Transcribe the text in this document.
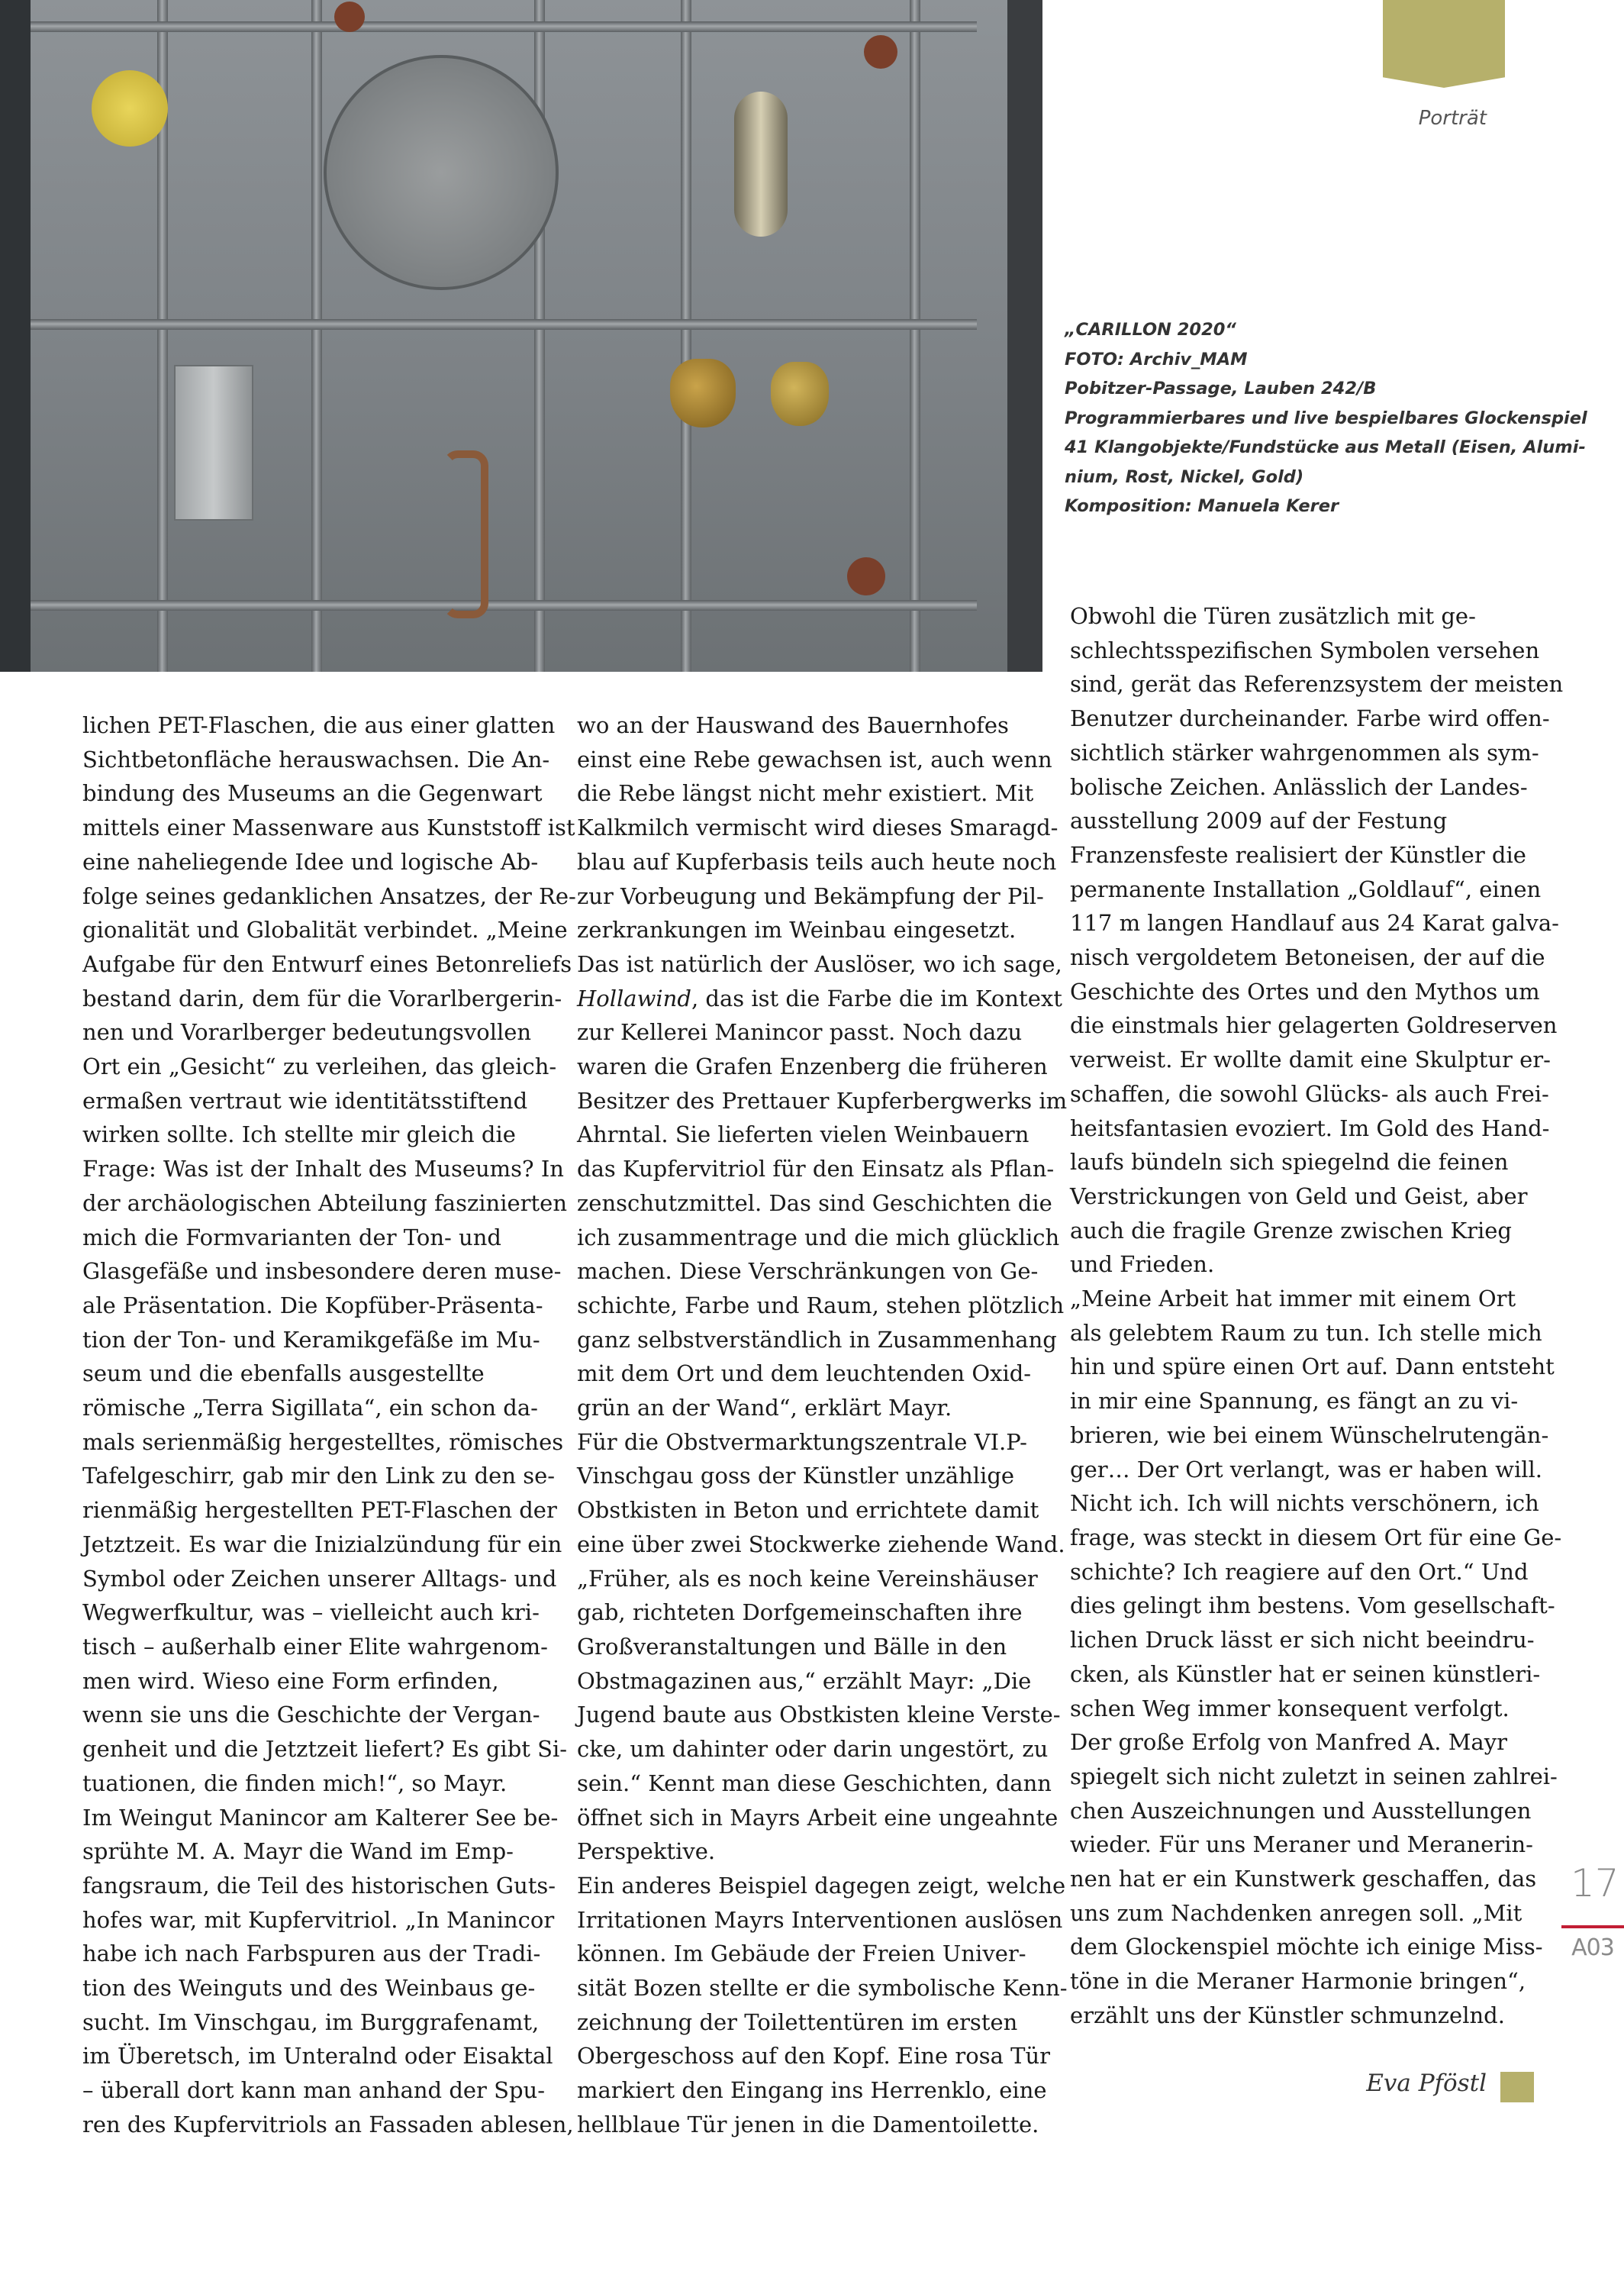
Porträt
„CARILLON 2020“
FOTO: Archiv_MAM
Pobitzer-Passage, Lauben 242/B
Programmierbares und live bespielbares Glockenspiel
41 Klangobjekte/Fundstücke aus Metall (Eisen, Alumi-
nium, Rost, Nickel, Gold)
Komposition: Manuela Kerer
lichen PET-Flaschen, die aus einer glatten
Sichtbetonfläche herauswachsen. Die An-
bindung des Museums an die Gegenwart
mittels einer Massenware aus Kunststoff ist
eine naheliegende Idee und logische Ab-
folge seines gedanklichen Ansatzes, der Re-
gionalität und Globalität verbindet. „Meine
Aufgabe für den Entwurf eines Betonreliefs
bestand darin, dem für die Vorarlbergerin-
nen und Vorarlberger bedeutungsvollen
Ort ein „Gesicht“ zu verleihen, das gleich-
ermaßen vertraut wie identitätsstiftend
wirken sollte. Ich stellte mir gleich die
Frage: Was ist der Inhalt des Museums? In
der archäologischen Abteilung faszinierten
mich die Formvarianten der Ton- und
Glasgefäße und insbesondere deren muse-
ale Präsentation. Die Kopfüber-Präsenta-
tion der Ton- und Keramikgefäße im Mu-
seum und die ebenfalls ausgestellte
römische „Terra Sigillata“, ein schon da-
mals serienmäßig hergestelltes, römisches
Tafelgeschirr, gab mir den Link zu den se-
rienmäßig hergestellten PET-Flaschen der
Jetztzeit. Es war die Inizialzündung für ein
Symbol oder Zeichen unserer Alltags- und
Wegwerfkultur, was – vielleicht auch kri-
tisch – außerhalb einer Elite wahrgenom-
men wird. Wieso eine Form erfinden,
wenn sie uns die Geschichte der Vergan-
genheit und die Jetztzeit liefert? Es gibt Si-
tuationen, die finden mich!“, so Mayr.
Im Weingut Manincor am Kalterer See be-
sprühte M. A. Mayr die Wand im Emp-
fangsraum, die Teil des historischen Guts-
hofes war, mit Kupfervitriol. „In Manincor
habe ich nach Farbspuren aus der Tradi-
tion des Weinguts und des Weinbaus ge-
sucht. Im Vinschgau, im Burggrafenamt,
im Überetsch, im Unteralnd oder Eisaktal
– überall dort kann man anhand der Spu-
ren des Kupfervitriols an Fassaden ablesen,
wo an der Hauswand des Bauernhofes
einst eine Rebe gewachsen ist, auch wenn
die Rebe längst nicht mehr existiert. Mit
Kalkmilch vermischt wird dieses Smaragd-
blau auf Kupferbasis teils auch heute noch
zur Vorbeugung und Bekämpfung der Pil-
zerkrankungen im Weinbau eingesetzt.
Das ist natürlich der Auslöser, wo ich sage,
Hollawind, das ist die Farbe die im Kontext
zur Kellerei Manincor passt. Noch dazu
waren die Grafen Enzenberg die früheren
Besitzer des Prettauer Kupferbergwerks im
Ahrntal. Sie lieferten vielen Weinbauern
das Kupfervitriol für den Einsatz als Pflan-
zenschutzmittel. Das sind Geschichten die
ich zusammentrage und die mich glücklich
machen. Diese Verschränkungen von Ge-
schichte, Farbe und Raum, stehen plötzlich
ganz selbstverständlich in Zusammenhang
mit dem Ort und dem leuchtenden Oxid-
grün an der Wand“, erklärt Mayr.
Für die Obstvermarktungszentrale VI.P-
Vinschgau goss der Künstler unzählige
Obstkisten in Beton und errichtete damit
eine über zwei Stockwerke ziehende Wand.
„Früher, als es noch keine Vereinshäuser
gab, richteten Dorfgemeinschaften ihre
Großveranstaltungen und Bälle in den
Obstmagazinen aus,“ erzählt Mayr: „Die
Jugend baute aus Obstkisten kleine Verste-
cke, um dahinter oder darin ungestört, zu
sein.“ Kennt man diese Geschichten, dann
öffnet sich in Mayrs Arbeit eine ungeahnte
Perspektive.
Ein anderes Beispiel dagegen zeigt, welche
Irritationen Mayrs Interventionen auslösen
können. Im Gebäude der Freien Univer-
sität Bozen stellte er die symbolische Kenn-
zeichnung der Toilettentüren im ersten
Obergeschoss auf den Kopf. Eine rosa Tür
markiert den Eingang ins Herrenklo, eine
hellblaue Tür jenen in die Damentoilette.
Obwohl die Türen zusätzlich mit ge-
schlechtsspezifischen Symbolen versehen
sind, gerät das Referenzsystem der meisten
Benutzer durcheinander. Farbe wird offen-
sichtlich stärker wahrgenommen als sym-
bolische Zeichen. Anlässlich der Landes-
ausstellung 2009 auf der Festung
Franzensfeste realisiert der Künstler die
permanente Installation „Goldlauf“, einen
117 m langen Handlauf aus 24 Karat galva-
nisch vergoldetem Betoneisen, der auf die
Geschichte des Ortes und den Mythos um
die einstmals hier gelagerten Goldreserven
verweist. Er wollte damit eine Skulptur er-
schaffen, die sowohl Glücks- als auch Frei-
heitsfantasien evoziert. Im Gold des Hand-
laufs bündeln sich spiegelnd die feinen
Verstrickungen von Geld und Geist, aber
auch die fragile Grenze zwischen Krieg
und Frieden.
„Meine Arbeit hat immer mit einem Ort
als gelebtem Raum zu tun. Ich stelle mich
hin und spüre einen Ort auf. Dann entsteht
in mir eine Spannung, es fängt an zu vi-
brieren, wie bei einem Wünschelrutengän-
ger… Der Ort verlangt, was er haben will.
Nicht ich. Ich will nichts verschönern, ich
frage, was steckt in diesem Ort für eine Ge-
schichte? Ich reagiere auf den Ort.“ Und
dies gelingt ihm bestens. Vom gesellschaft-
lichen Druck lässt er sich nicht beeindru-
cken, als Künstler hat er seinen künstleri-
schen Weg immer konsequent verfolgt.
Der große Erfolg von Manfred A. Mayr
spiegelt sich nicht zuletzt in seinen zahlrei-
chen Auszeichnungen und Ausstellungen
wieder. Für uns Meraner und Meranerin-
nen hat er ein Kunstwerk geschaffen, das
uns zum Nachdenken anregen soll. „Mit
dem Glockenspiel möchte ich einige Miss-
töne in die Meraner Harmonie bringen“,
erzählt uns der Künstler schmunzelnd.
Eva Pföstl
17
A03
